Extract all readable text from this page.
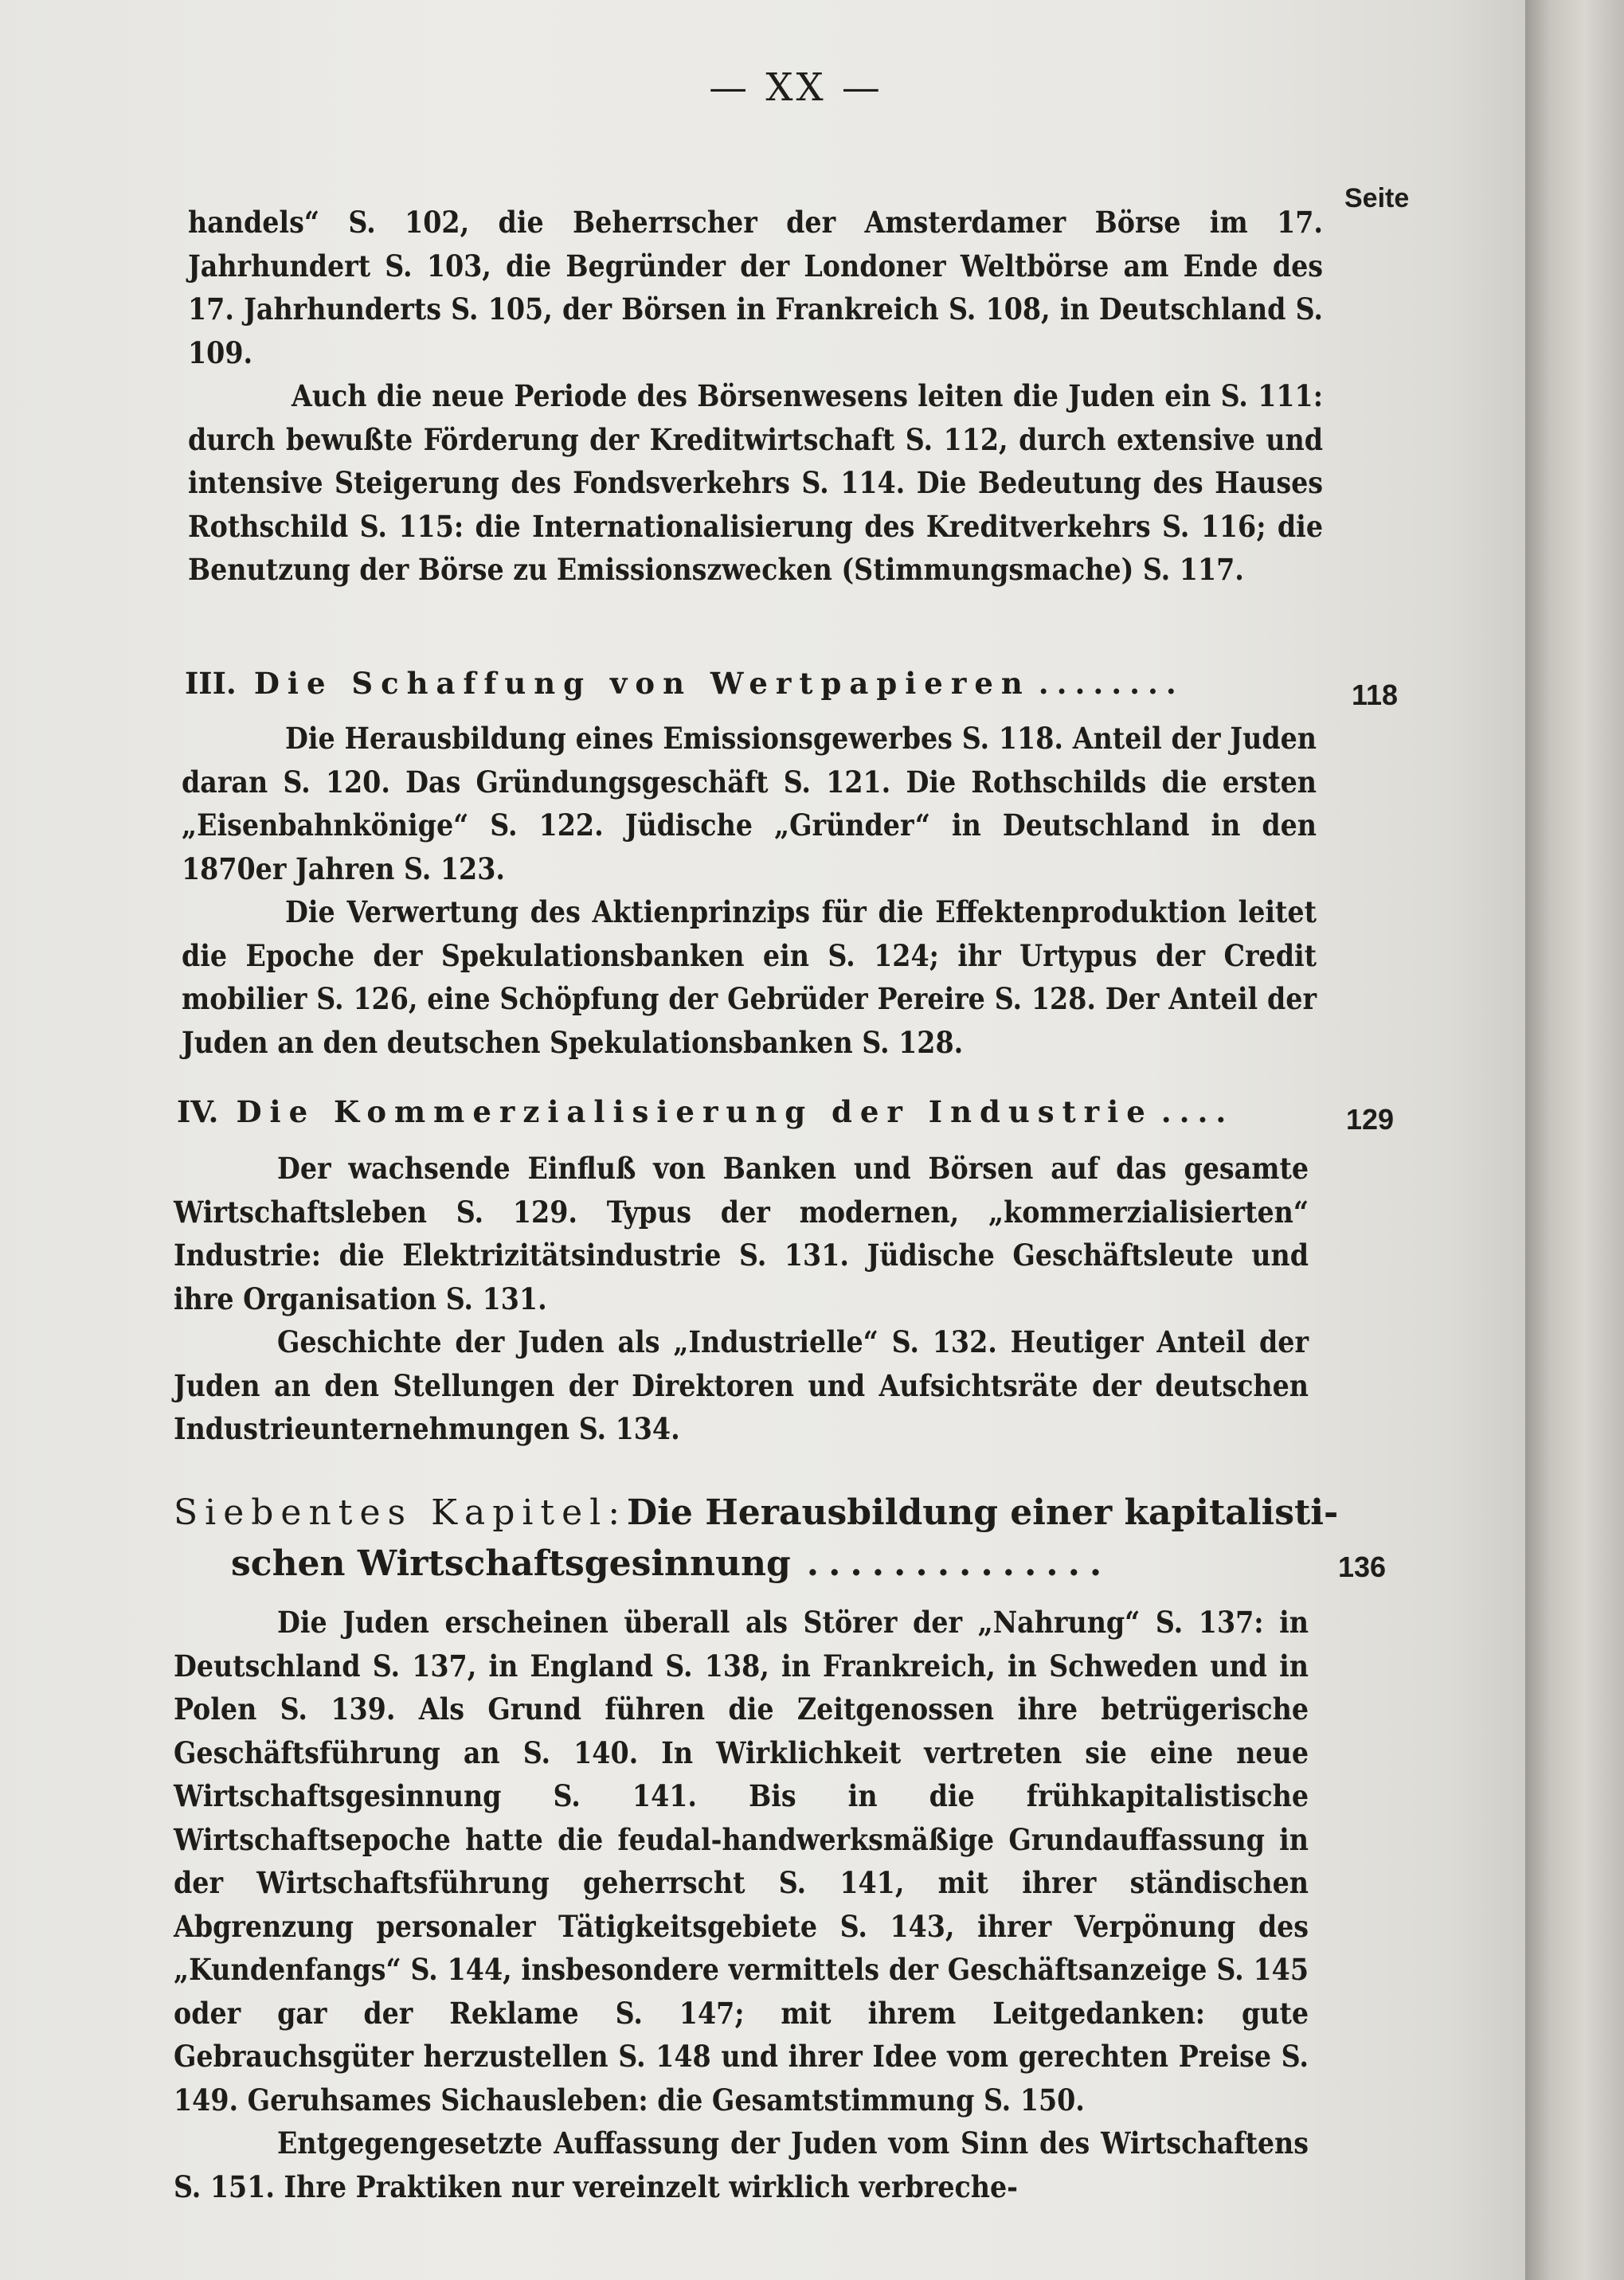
— XX —
Seite

handels“ S. 102, die Beherrscher der Amsterdamer Börse im 17. Jahrhundert S. 103, die Begründer der Londoner Weltbörse am Ende des 17. Jahrhunderts S. 105, der Börsen in Frankreich S. 108, in Deutschland S. 109.

Auch die neue Periode des Börsenwesens leiten die Juden ein S. 111: durch bewußte Förderung der Kreditwirtschaft S. 112, durch extensive und intensive Steigerung des Fondsverkehrs S. 114. Die Bedeutung des Hauses Rothschild S. 115: die Internationalisierung des Kreditverkehrs S. 116; die Benutzung der Börse zu Emissionszwecken (Stimmungsmache) S. 117.

III. Die Schaffung von Wertpapieren ........	118

Die Herausbildung eines Emissionsgewerbes S. 118. Anteil der Juden daran S. 120. Das Gründungsgeschäft S. 121. Die Rothschilds die ersten „Eisenbahnkönige“ S. 122. Jüdische „Gründer“ in Deutschland in den 1870er Jahren S. 123.

Die Verwertung des Aktienprinzips für die Effektenproduktion leitet die Epoche der Spekulationsbanken ein S. 124; ihr Urtypus der Credit mobilier S. 126, eine Schöpfung der Gebrüder Pereire S. 128. Der Anteil der Juden an den deutschen Spekulationsbanken S. 128.

IV. Die Kommerzialisierung der Industrie ....	129

Der wachsende Einfluß von Banken und Börsen auf das gesamte Wirtschaftsleben S. 129. Typus der modernen, „kommerzialisierten“ Industrie: die Elektrizitätsindustrie S. 131. Jüdische Geschäftsleute und ihre Organisation S. 131.

Geschichte der Juden als „Industrielle“ S. 132. Heutiger Anteil der Juden an den Stellungen der Direktoren und Aufsichtsräte der deutschen Industrieunternehmungen S. 134.

Siebentes Kapitel: Die Herausbildung einer kapitalisti-
schen Wirtschaftsgesinnung ..............	136

Die Juden erscheinen überall als Störer der „Nahrung“ S. 137: in Deutschland S. 137, in England S. 138, in Frankreich, in Schweden und in Polen S. 139. Als Grund führen die Zeitgenossen ihre betrügerische Geschäftsführung an S. 140. In Wirklichkeit vertreten sie eine neue Wirtschaftsgesinnung S. 141. Bis in die frühkapitalistische Wirtschaftsepoche hatte die feudal-handwerksmäßige Grundauffassung in der Wirtschaftsführung geherrscht S. 141, mit ihrer ständischen Abgrenzung personaler Tätigkeitsgebiete S. 143, ihrer Verpönung des „Kundenfangs“ S. 144, insbesondere vermittels der Geschäftsanzeige S. 145 oder gar der Reklame S. 147; mit ihrem Leitgedanken: gute Gebrauchsgüter herzustellen S. 148 und ihrer Idee vom gerechten Preise S. 149. Geruhsames Sichausleben: die Gesamtstimmung S. 150.

Entgegengesetzte Auffassung der Juden vom Sinn des Wirtschaftens S. 151. Ihre Praktiken nur vereinzelt wirklich verbreche-
